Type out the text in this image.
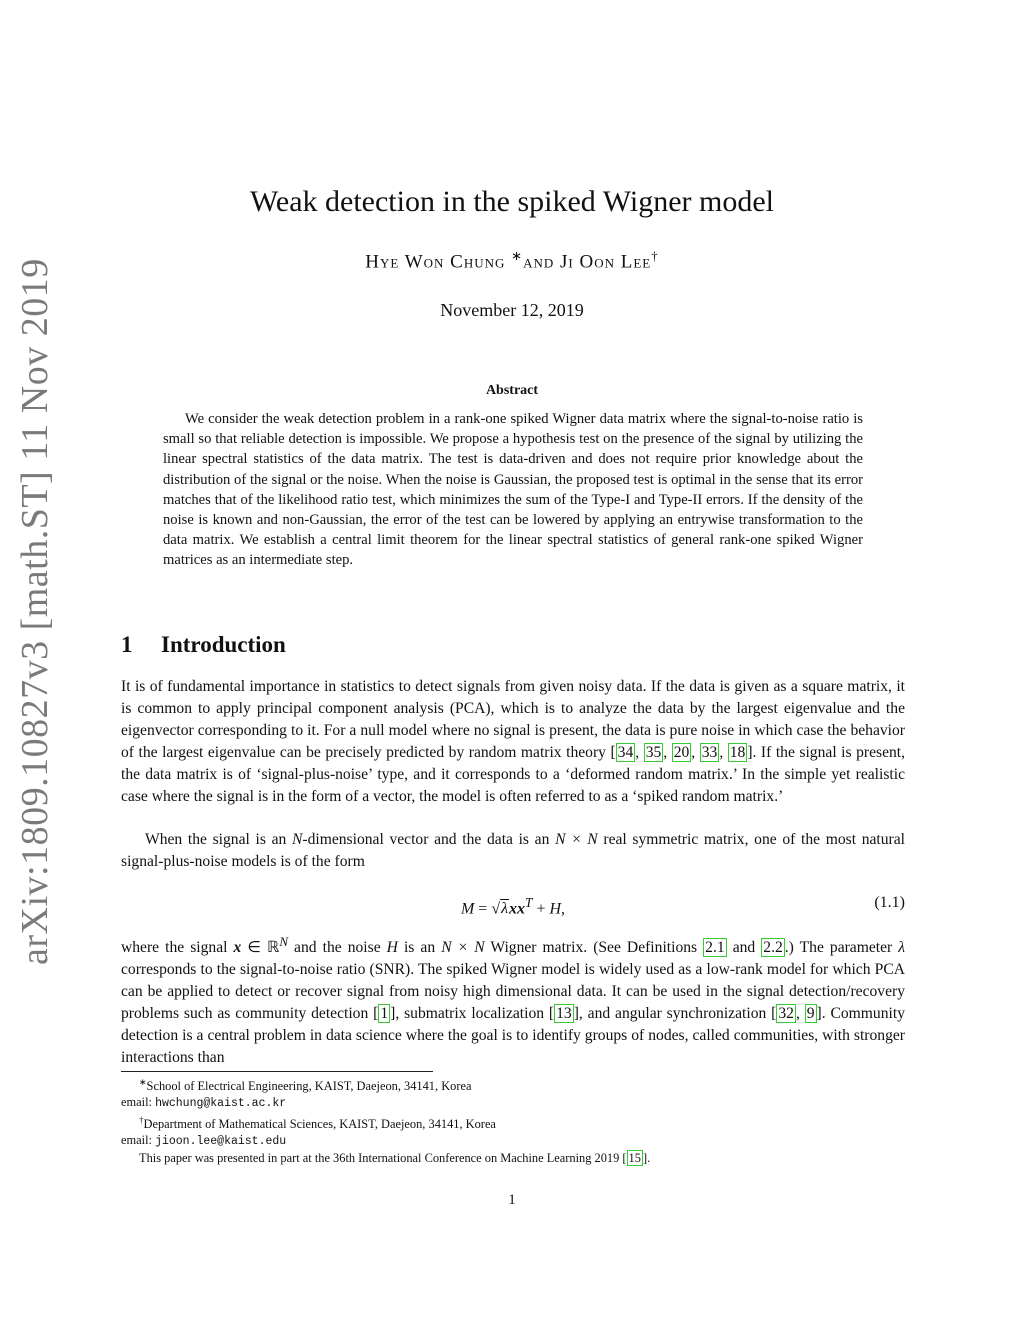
arXiv:1809.10827v3 [math.ST] 11 Nov 2019
Weak detection in the spiked Wigner model
Hye Won Chung ∗and Ji Oon Lee†
November 12, 2019
Abstract
We consider the weak detection problem in a rank-one spiked Wigner data matrix where the signal-to-noise ratio is small so that reliable detection is impossible. We propose a hypothesis test on the presence of the signal by utilizing the linear spectral statistics of the data matrix. The test is data-driven and does not require prior knowledge about the distribution of the signal or the noise. When the noise is Gaussian, the proposed test is optimal in the sense that its error matches that of the likelihood ratio test, which minimizes the sum of the Type-I and Type-II errors. If the density of the noise is known and non-Gaussian, the error of the test can be lowered by applying an entrywise transformation to the data matrix. We establish a central limit theorem for the linear spectral statistics of general rank-one spiked Wigner matrices as an intermediate step.
1 Introduction
It is of fundamental importance in statistics to detect signals from given noisy data. If the data is given as a square matrix, it is common to apply principal component analysis (PCA), which is to analyze the data by the largest eigenvalue and the eigenvector corresponding to it. For a null model where no signal is present, the data is pure noise in which case the behavior of the largest eigenvalue can be precisely predicted by random matrix theory [ 34 , 35 , 20 , 33 , 18 ]. If the signal is present, the data matrix is of ‘signal-plus-noise’ type, and it corresponds to a ‘deformed random matrix.’ In the simple yet realistic case where the signal is in the form of a vector, the model is often referred to as a ‘spiked random matrix.’
When the signal is an N-dimensional vector and the data is an N × N real symmetric matrix, one of the most natural signal-plus-noise models is of the form
M = √λxx$^T$ + H,	(1.1)
where the signal x ∈ ℝ$^N$ and the noise H is an N × N Wigner matrix. (See Definitions 2.1 and 2.2 .) The parameter λ corresponds to the signal-to-noise ratio (SNR). The spiked Wigner model is widely used as a low-rank model for which PCA can be applied to detect or recover signal from noisy high dimensional data. It can be used in the signal detection/recovery problems such as community detection [ 1 ], submatrix localization [ 13 ], and angular synchronization [ 32 , 9 ]. Community detection is a central problem in data science where the goal is to identify groups of nodes, called communities, with stronger interactions than
∗School of Electrical Engineering, KAIST, Daejeon, 34141, Korea
email: hwchung@kaist.ac.kr
†Department of Mathematical Sciences, KAIST, Daejeon, 34141, Korea
email: jioon.lee@kaist.edu
This paper was presented in part at the 36th International Conference on Machine Learning 2019 [ 15 ].
1
